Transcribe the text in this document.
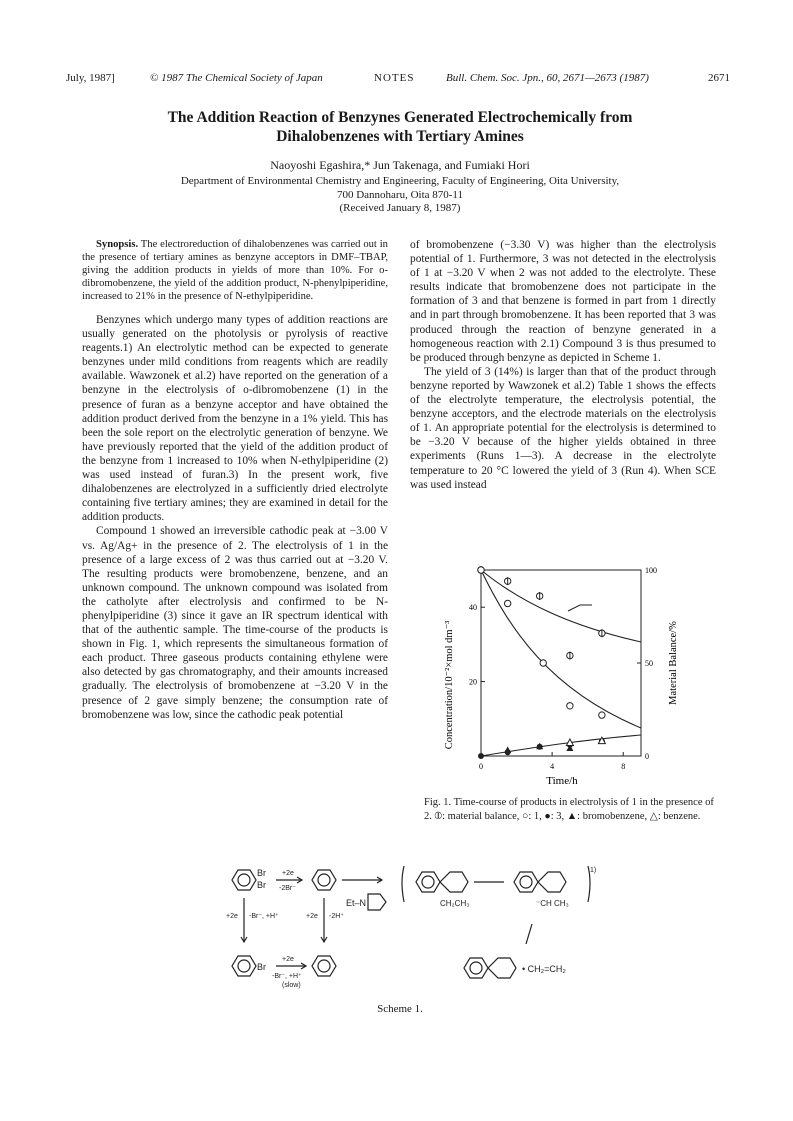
July, 1987]	© 1987 The Chemical Society of Japan	NOTES	Bull. Chem. Soc. Jpn., 60, 2671—2673 (1987)	2671
The Addition Reaction of Benzynes Generated Electrochemically from
Dihalobenzenes with Tertiary Amines
Naoyoshi Egashira,* Jun Takenaga, and Fumiaki Hori
Department of Environmental Chemistry and Engineering, Faculty of Engineering, Oita University,
700 Dannoharu, Oita 870-11
(Received January 8, 1987)

Synopsis. The electroreduction of dihalobenzenes was carried out in the presence of tertiary amines as benzyne acceptors in DMF–TBAP, giving the addition products in yields of more than 10%. For o-dibromobenzene, the yield of the addition product, N-phenylpiperidine, increased to 21% in the presence of N-ethylpiperidine.

Benzynes which undergo many types of addition reactions are usually generated on the photolysis or pyrolysis of reactive reagents.1) An electrolytic method can be expected to generate benzynes under mild conditions from reagents which are readily available. Wawzonek et al.2) have reported on the generation of a benzyne in the electrolysis of o-dibromobenzene (1) in the presence of furan as a benzyne acceptor and have obtained the addition product derived from the benzyne in a 1% yield. This has been the sole report on the electrolytic generation of benzyne. We have previously reported that the yield of the addition product of the benzyne from 1 increased to 10% when N-ethylpiperidine (2) was used instead of furan.3) In the present work, five dihalobenzenes are electrolyzed in a sufficiently dried electrolyte containing five tertiary amines; they are examined in detail for the addition products.

Compound 1 showed an irreversible cathodic peak at −3.00 V vs. Ag/Ag+ in the presence of 2. The electrolysis of 1 in the presence of a large excess of 2 was thus carried out at −3.20 V. The resulting products were bromobenzene, benzene, and an unknown compound. The unknown compound was isolated from the catholyte after electrolysis and confirmed to be N-phenylpiperidine (3) since it gave an IR spectrum identical with that of the authentic sample. The time-course of the products is shown in Fig. 1, which represents the simultaneous formation of each product. Three gaseous products containing ethylene were also detected by gas chromatography, and their amounts increased gradually. The electrolysis of bromobenzene at −3.20 V in the presence of 2 gave simply benzene; the consumption rate of bromobenzene was low, since the cathodic peak potential

of bromobenzene (−3.30 V) was higher than the electrolysis potential of 1. Furthermore, 3 was not detected in the electrolysis of 1 at −3.20 V when 2 was not added to the electrolyte. These results indicate that bromobenzene does not participate in the formation of 3 and that benzene is formed in part from 1 directly and in part through bromobenzene. It has been reported that 3 was produced through the reaction of benzyne generated in a homogeneous reaction with 2.1) Compound 3 is thus presumed to be produced through benzyne as depicted in Scheme 1.

The yield of 3 (14%) is larger than that of the product through benzyne reported by Wawzonek et al.2) Table 1 shows the effects of the electrolyte temperature, the electrolysis potential, the benzyne acceptors, and the electrode materials on the electrolysis of 1. An appropriate potential for the electrolysis is determined to be −3.20 V because of the higher yields obtained in three experiments (Runs 1—3). A decrease in the electrolyte temperature to 20 °C lowered the yield of 3 (Run 4). When SCE was used instead

0	4	8
20
40
0
50
100
Time/h
Concentration/10⁻²×mol dm⁻³	Material Balance/%
Fig. 1. Time-course of products in electrolysis of 1 in the presence of 2. ⦶: material balance, ○: 1, ●: 3, ▲: bromobenzene, △: benzene.
Br
Br
+2e
-2Br⁻
Et–N	CH₂CH₃	⁻CH CH₃
1)
• CH₂=CH₂
+2e -Br⁻, +H⁺	+2e -2H⁺
Br
+2e
-Br⁻, +H⁺
(slow)
Scheme 1.
